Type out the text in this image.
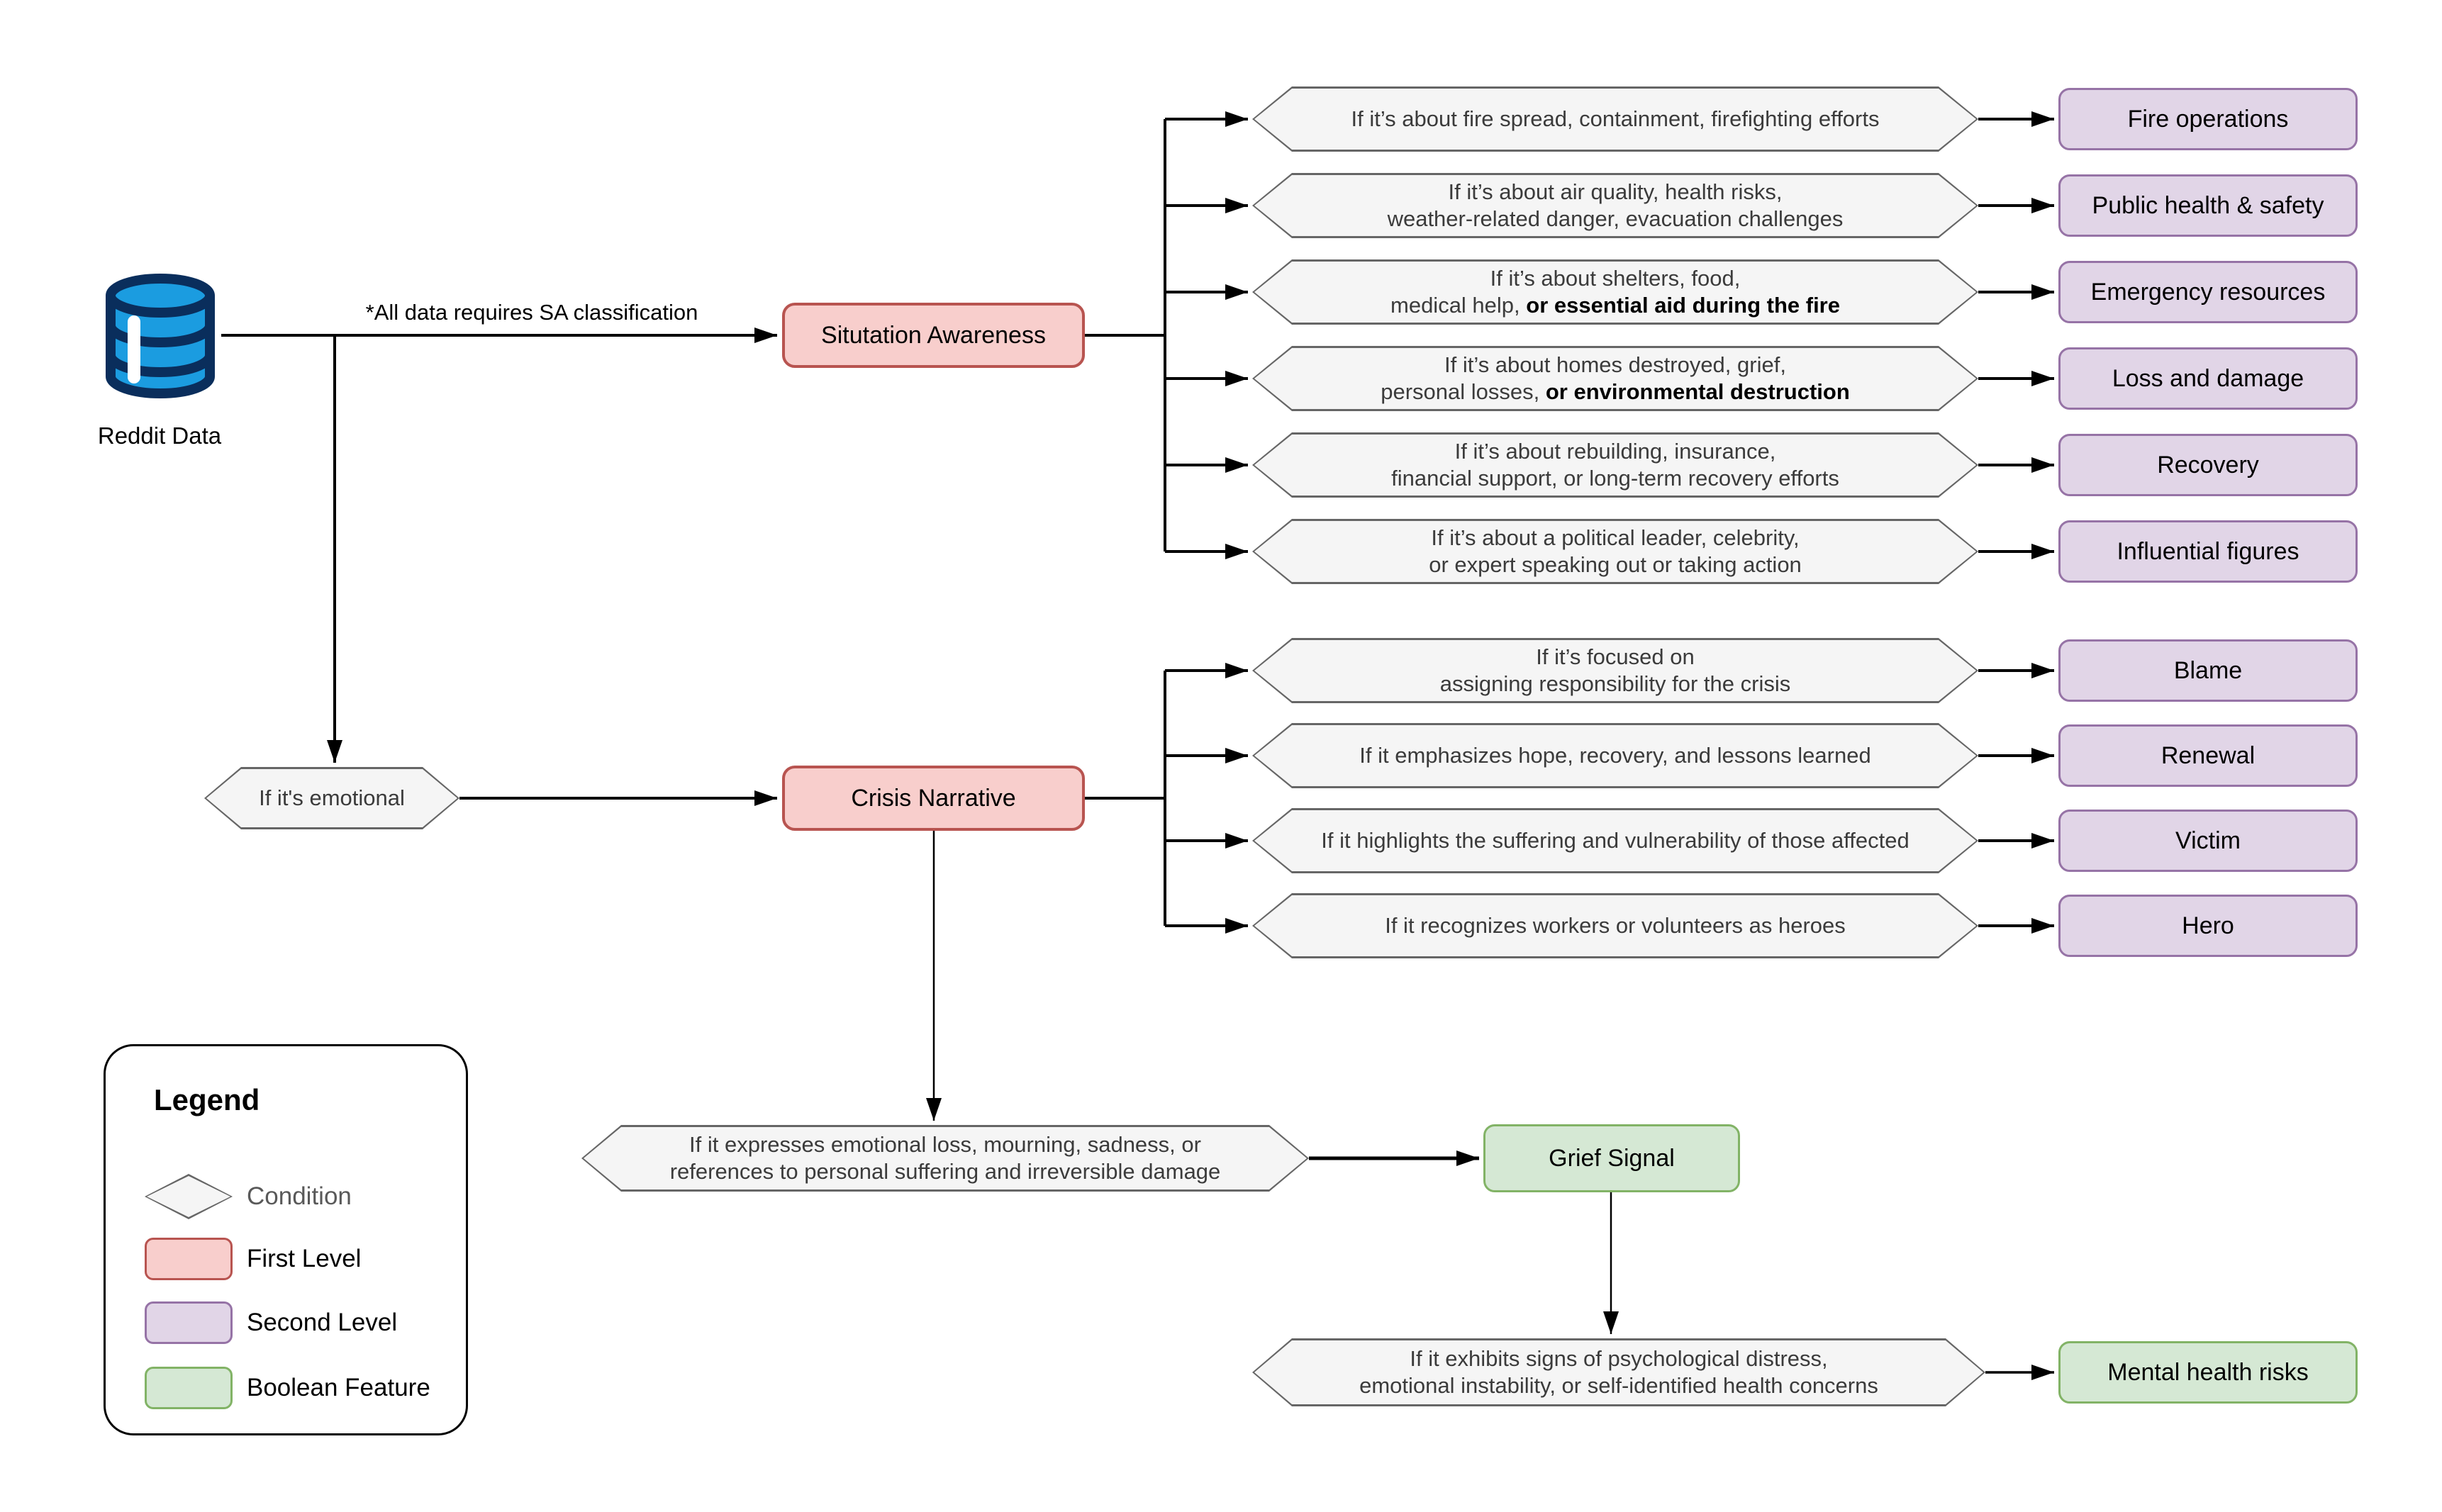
Reddit Data
*All data requires SA classification
Situtation Awareness
Crisis Narrative
If it's emotional
If it’s about fire spread, containment, firefighting efforts
If it’s about air quality, health risks,
weather-related danger, evacuation challenges
If it’s about shelters, food,
medical help, or essential aid during the fire
If it’s about homes destroyed, grief,
personal losses, or environmental destruction
If it’s about rebuilding, insurance,
financial support, or long-term recovery efforts
If it’s about a political leader, celebrity,
or expert speaking out or taking action
Fire operations
Public health & safety
Emergency resources
Loss and damage
Recovery
Influential figures
If it’s focused on
assigning responsibility for the crisis
If it emphasizes hope, recovery, and lessons learned
If it highlights the suffering and vulnerability of those affected
If it recognizes workers or volunteers as heroes
Blame
Renewal
Victim
Hero
If it expresses emotional loss, mourning, sadness, or
references to personal suffering and irreversible damage	Grief Signal
If it exhibits signs of psychological distress,
emotional instability, or self-identified health concerns	Mental health risks
Legend
Condition
First Level
Second Level
Boolean Feature
